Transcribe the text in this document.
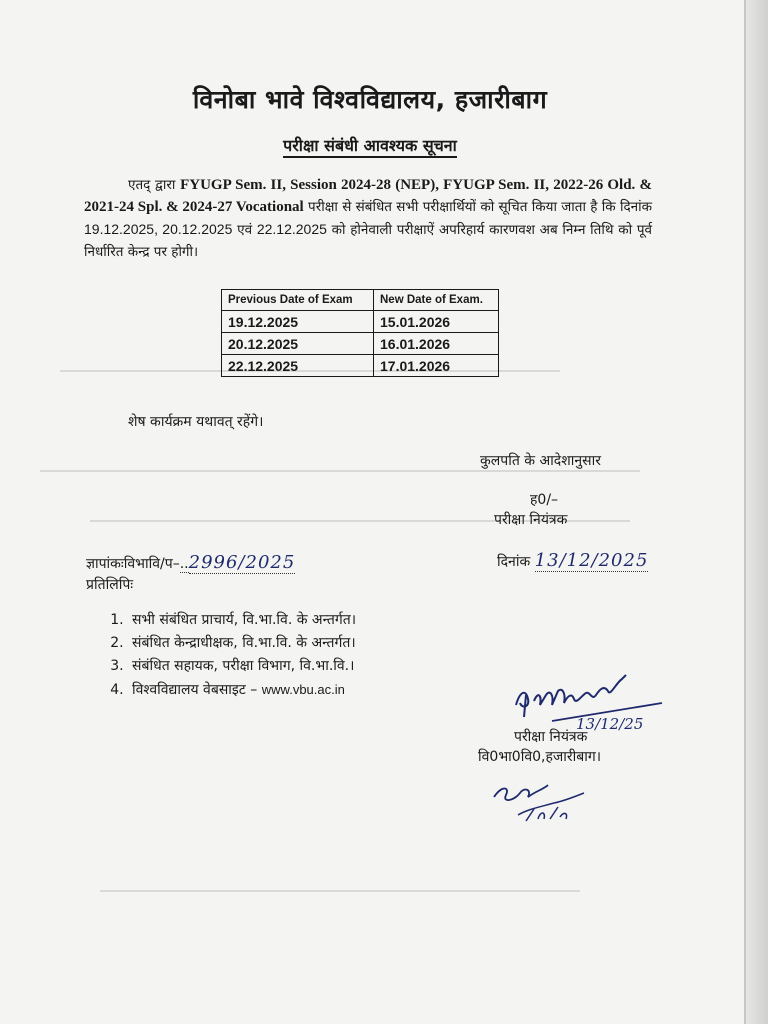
विनोबा भावे विश्वविद्यालय, हजारीबाग
परीक्षा संबंधी आवश्यक सूचना

एतद् द्वारा FYUGP Sem. II, Session 2024-28 (NEP), FYUGP Sem. II, 2022-26 Old. & 2021-24 Spl. & 2024-27 Vocational परीक्षा से संबंधित सभी परीक्षार्थियों को सूचित किया जाता है कि दिनांक 19.12.2025, 20.12.2025 एवं 22.12.2025 को होनेवाली परीक्षाऐं अपरिहार्य कारणवश अब निम्न तिथि को पूर्व निर्धारित केन्द्र पर होगी।

Previous Date of Exam	New Date of Exam.
19.12.2025	15.01.2026
20.12.2025	16.01.2026
22.12.2025	17.01.2026
शेष कार्यक्रम यथावत् रहेंगे।
कुलपति के आदेशानुसार
ह0/–
परीक्षा नियंत्रक
ज्ञापांकःविभावि/प–..2996/2025	दिनांक 13/12/2025
प्रतिलिपिः
1. सभी संबंधित प्राचार्य, वि.भा.वि. के अन्तर्गत।
2. संबंधित केन्द्राधीक्षक, वि.भा.वि. के अन्तर्गत।
3. संबंधित सहायक, परीक्षा विभाग, वि.भा.वि.।
4. विश्वविद्यालय वेबसाइट – www.vbu.ac.in
13/12/25
परीक्षा नियंत्रक
वि0भा0वि0,हजारीबाग।
